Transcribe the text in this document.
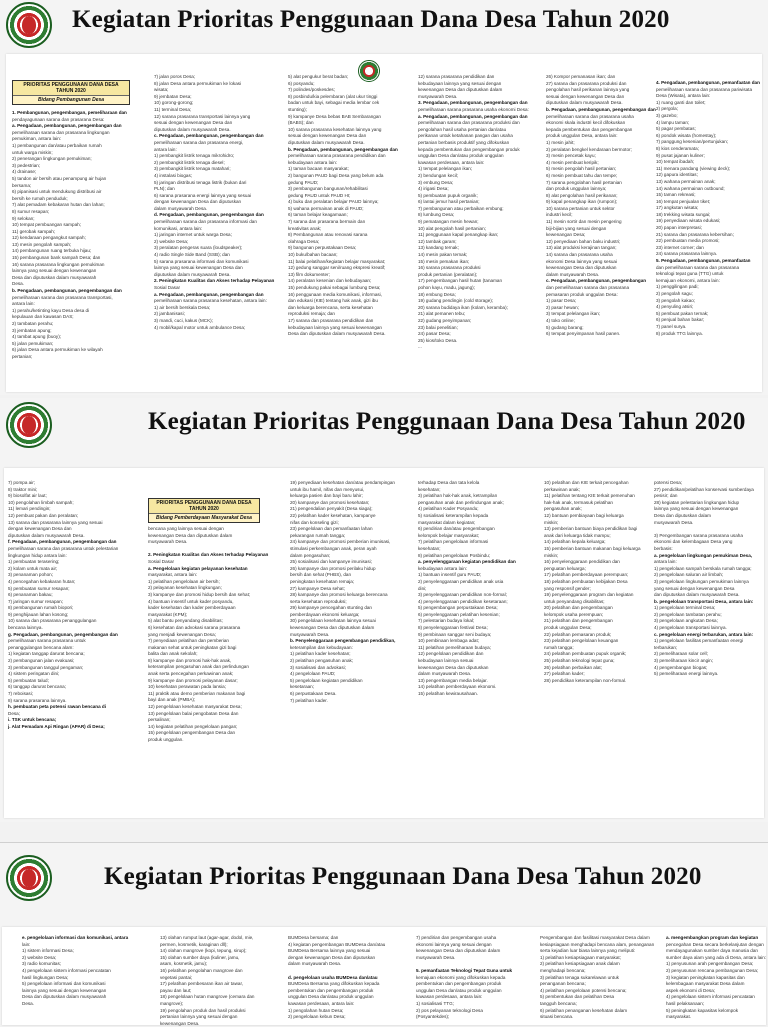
Kegiatan Prioritas Penggunaan Dana Desa Tahun 2020
PRIORITAS PENGGUNAAN DANA DESA TAHUN 2020
Bidang Pembangunan Desa
1. Pembangunan, pengembangan, pemeliharaan dan
pendayagunaan sarana dan prasarana Desa:
a. Pengadaan, pembangunan, pengembangan dan
pemeliharaan sarana dan prasarana lingkungan
pemukiman, antara lain:
1) pembangunan dan/atau perbaikan rumah
untuk warga miskin;
2) penerangan lingkungan pemukiman;
3) pedestrian;
4) drainase;
5) tandon air bersih atau penampung air hujan
bersama;
6) pipanisasi untuk mendukung distribusi air
bersih ke rumah penduduk;
7) alat pemadam kebakaran hutan dan lahan;
8) sumur resapan;
9) selokan;
10) tempat pembuangan sampah;
11) gerobak sampah;
12) kendaraan pengangkut sampah;
13) mesin pengolah sampah;
14) pembangunan ruang terbuka hijau;
15) pembangunan bank sampah Desa; dan
16) sarana prasarana lingkungan pemukiman
lainnya yang sesuai dengan kewenangan
Desa dan diputuskan dalam musyawarah
Desa.
b. Pengadaan, pembangunan, pengembangan dan
pemeliharaan sarana dan prasarana transportasi,
antara lain:
1) perahu/ketinting kayu Desa desa di
kepulauan dan kawasan DAS;
2) tambatan perahu;
3) jembatan apung;
4) tambat apung (buoy);
5) jalan pemukiman;
6) jalan Desa antara permukiman ke wilayah
pertanian;
7) jalan poros Desa;
8) jalan Desa antara permukiman ke lokasi
wisata;
9) jembatan Desa;
10) gorong-gorong;
11) terminal Desa;
12) sarana prasarana transportasi lainnya yang
sesuai dengan kewenangan Desa dan
diputuskan dalam musyawarah Desa.
c. Pengadaan, pembangunan, pengembangan dan
pemeliharaan sarana dan prasarana energi,
antara lain:
1) pembangkit listrik tenaga mikrohidro;
2) pembangkit listrik tenaga diesel;
3) pembangkit listrik tenaga matahari;
4) instalasi biogas;
5) jaringan distribusi tenaga listrik (bukan dari
PLN); dan
6) sarana prasarana energi lainnya yang sesuai
dengan kewenangan Desa dan diputuskan
dalam musyawarah Desa.
d. Pengadaan, pembangunan, pengembangan dan
pemeliharaan sarana dan prasarana informasi dan
komunikasi, antara lain:
1) jaringan internet untuk warga Desa;
2) website Desa;
3) peralatan pengeras suara (loudspeaker);
4) radio Single Side Band (SSB); dan
5) sarana prasarana informasi dan komunikasi
lainnya yang sesuai kewenangan Desa dan
diputuskan dalam musyawarah Desa.
2. Peningkatan Kualitas dan Akses terhadap Pelayanan
Sosial Dasar
a. Pengadaan, pembangunan, pengembangan dan
pemeliharaan sarana prasarana kesehatan, antara lain:
1) air bersih berskala Desa;
2) jambanisasi;
3) mandi, cuci, kakus (MCK);
4) mobil/kapal motor untuk ambulance Desa;
5) alat pengukur berat badan;
6) posyandu;
7) polindes/poskesdes;
8) posbindu/kia pelembaran (alat ukur tinggi
badan untuk bayi, sebagai media lembar cek
stunting);
9) kampanye Desa bebas BAB Sembarangan
(BABS); dan
10) sarana prasarana kesehatan lainnya yang
sesuai dengan kewenangan Desa dan
diputuskan dalam musyawarah Desa.
b. Pengadaan, pembangunan, pengembangan dan
pemeliharaan sarana prasarana pendidikan dan
kebudayaan antara lain:
1) taman bacaan masyarakat;
2) bangunan PAUD bagi Desa yang belum ada
gedung PAUD;
3) pembangunan bangunan/rehabilitasi
gedung PAUD untuk PAUD HI;
4) buku dan peralatan belajar PAUD lainnya;
5) wahana permainan anak di PAUD;
6) taman belajar keagamaan;
7) sarana dan prasarana bermain dan
kreativitas anak;
8) Pembangunan atau renovasi sarana
olahraga Desa;
9) bangunan perpustakaan Desa;
10) buku/bahan bacaan;
11) balai pelatihan/kegiatan belajar masyarakat;
12) gedung sanggar seni/ruang ekspresi kreatif;
13) film dokumenter;
14) peralatan kesenian dan kebudayaan;
15) pendukung pakai sebagai lumbung Desa;
16) penggunaan media komunikasi, informasi,
dan edukasi (KIE) tentang hak anak, gizi ibu
dan keluarga berencana, serta kesehatan
reproduksi remaja; dan
17) sarana dan prasarana pendidikan dan
kebudayaan lainnya yang sesuai kewenangan
Desa dan diputuskan dalam musyawarah Desa.
12) sarana prasarana pendidikan dan
kebudayaan lainnya yang sesuai dengan
kewenangan Desa dan diputuskan dalam
musyawarah Desa.
3. Pengadaan, pembangunan, pengembangan dan
pemeliharaan sarana prasarana usaha ekonomi Desa:
a. Pengadaan, pembangunan, pengembangan dan
pemeliharaan sarana dan prasarana produksi dan
pengolahan hasil usaha pertanian dan/atau
perikanan untuk ketahanan pangan dan usaha
pertanian berbasis produktif yang difokuskan
kepada pembentukan dan pengembangan produk
unggulan Desa dan/atau produk unggulan
kawasan perdesaan, antara lain:
1) tempat pelelangan ikan;
2) bendungan kecil;
3) embung Desa;
4) irigasi Desa;
5) pembuatan pupuk organik;
6) lantai jemur hasil pertanian;
7) pembangunan atau perbaikan embung;
8) lumbung Desa;
9) pematangan mesin hewan;
10) alat pengolah hasil pertanian;
11) penggunaan kapal penangkap ikan;
12) tambak garam;
13) kandang ternak;
14) mesin pakan ternak;
15) mesin pemakan ikan;
16) sarana prasarana produksi
produk pertanian (peralatan);
17) pengembangan hasil hutan (tanaman
pohon kayu, madu, jagung);
18) embung Desa;
19) gudang pendingin (cold storage);
20) sarana budidaya ikan (kolam, keramba);
21) alat pemanen tebu;
22) gudang penyimpanan;
23) balai penelitian;
24) pasar Desa;
25) kios/toko Desa.
...
26) Kompor pemanasan ikan; dan
27) sarana dan prasarana produksi dan
pengolahan hasil perikanan lainnya yang
sesuai dengan kewenangan Desa dan
diputuskan dalam musyawarah Desa.
b. Pengadaan, pembangunan, pengembangan dan
pemeliharaan sarana dan prasarana usaha
ekonomi skala industri kecil difokuskan
kepada pembentukan dan pengembangan
produk unggulan Desa, antara lain:
1) mesin jahit;
2) peralatan bengkel kendaraan bermotor;
3) mesin pencetak kayu;
4) mesin pembuat keripik;
5) mesin pengolah hasil pertanian;
6) mesin pembuat tahu dan tempe;
7) sarana pengolahan hasil pertanian
dan produk unggulan lainnya;
8) alat pengolahan hasil perikanan;
9) kapal penangkap ikan (rumpon);
10) sarana pertanian untuk sektor
industri kecil;
11) mesin sortir dan mesin pengering
biji-bijian yang sesuai dengan
kewenangan Desa;
12) penyediaan bahan baku industri;
13) alat produksi kerajinan tangan;
14) sarana dan prasarana usaha
ekonomi Desa lainnya yang sesuai
kewenangan Desa dan diputuskan
dalam musyawarah Desa.
c. Pengadaan, pembangunan, pengembangan
dan pemeliharaan sarana dan prasarana
pemasaran produk unggulan Desa:
1) pasar Desa;
2) pasar hewan;
3) tempat pelelangan ikan;
4) toko online;
5) gudang barang;
6) tempat penyimpanan hasil panen.
4. Pengadaan, pembangunan, pemanfaatan dan
pemeliharaan sarana dan prasarana pariwisata
Desa (Wisata), antara lain:
1) ruang ganti dan toilet;
2) pergola;
3) gazebo;
4) lampu taman;
5) pagar pembatas;
6) pondok wisata (homestay);
7) panggung kesenian/pertunjukan;
8) kios cenderamata;
9) pusat jajanan kuliner;
10) tempat ibadah;
11) menara pandang (viewing deck);
12) gapura identitas;
13) wahana permainan anak;
14) wahana permainan outbound;
15) taman rekreasi;
16) tempat penjualan tiket;
17) angkutan wisata;
18) trekking wisata sungai;
19) penyediaan wisata edukasi;
20) papan interpretasi;
21) sarana dan prasarana kebersihan;
22) pembuatan media promosi;
23) internet corner; dan
24) sarana prasarana lainnya.
5. Pengadaan, pembangunan, pemanfaatan
dan pemeliharaan sarana dan prasarana
teknologi tepat guna (TTG) untuk
kemajuan ekonomi, antara lain:
1) penggilingan padi;
2) pengolah sagu;
3) pengolah kakao;
4) penyuling atsiri;
5) pembuat pakan ternak;
6) penjual bahan bakar;
7) panel surya.
8) produk TTG lainnya.
Kegiatan Prioritas Penggunaan Dana Desa Tahun 2020
PRIORITAS PENGGUNAAN DANA DESA TAHUN 2020
Bidang Pemberdayaan Masyarakat Desa
7) pompa air;
8) traktor mini;
9) biosolfat air laut;
10) pengolahan limbah sampah;
11) lemari pendingin;
12) pembuat pakan dan peralatan;
13) sarana dan prasarana lainnya yang sesuai
dengan kewenangan Desa dan
diputuskan dalam musyawarah Desa.
f. Pengadaan, pembangunan, pengembangan dan
pemeliharaan sarana dan prasarana untuk pelestarian
lingkungan hidup antara lain:
1) pembuatan terasering;
2) kolam untuk mata air;
3) penanaman pohon;
4) pencegahan kebakaran hutan;
5) pembuatan sumur resapan;
6) penanaman bakau;
7) jaringan sumur resapan;
8) pembangunan rumah biopori;
9) penghijauan lahan kosong;
10) sarana dan prasarana penanggulangan
bencana lainnya.
g. Pengadaan, pembangunan, pengembangan dan
pemeliharaan sarana prasarana untuk
penanggulangan bencana alam:
1) kegiatan tanggap darurat bencana;
2) pembangunan jalan evakuasi;
3) pembangunan tanggul pengaman;
4) sistem peringatan dini;
5) pembuatan talud;
6) tanggap darurat bencana;
7) reboisasi;
8) sarana prasarana lainnya.
h. pembuatan peta potensi rawan bencana di
Desa;
i. TSK untuk bencana;
j. Alat Pemadam Api Ringan (APAR) di Desa;
bencana yang lainnya sesuai dengan
kewenangan Desa dan diputuskan dalam
musyawarah Desa.
2. Peningkatan Kualitas dan Akses terhadap Pelayanan
Sosial Dasar
a. Pengelolaan kegiatan pelayanan kesehatan
masyarakat, antara lain:
1) pelatihan pengelolaan air bersih;
2) pelayanan kesehatan lingkungan;
3) kampanye dan promosi hidup bersih dan sehat;
4) bantuan insentif untuk kader posyandu,
kader kesehatan dan kader pemberdayaan
masyarakat (KPM);
5) alat bantu penyandang disabilitas;
6) kesehatan dan advokasi sarana prasarana
yang menjadi kewenangan Desa;
7) penyediaan pelatihan dan pemberian
makanan sehat untuk peningkatan gizi bagi
balita dan anak sekolah;
8) kampanye dan promosi hak-hak anak,
keterampilan pengasuhan anak dan perlindungan
anak serta pencegahan perkawinan anak;
9) kampanye dan promosi pelayanan dasar;
10) kesehatan perawatan pada lansia;
11) praktik atau demo pemberian makanan bagi
bayi dan anak (PMBA);
12) pengelolaan kesehatan masyarakat Desa;
13) pengelolaan balai pengobatan Desa dan
persalinan;
14) kegiatan pelatihan pengelolaan pangan;
15) pengelolaan pengembangan Desa dan
produk unggulan.
19) penyediaan kesehatan dan/atau pendampingan
untuk ibu hamil, nifas dan menyusui,
keluarga pasien dan bayi baru lahir;
20) kampanye dan promosi kesehatan;
21) pengendalian penyakit (Desa siaga);
22) pelatihan kader kesehatan, kampanye
nifas dan konseling gizi;
23) pengelolaan dan pemanfaatan lahan
pekarangan rumah tangga;
24) kampanye dan promosi pemberian imunisasi,
stimulasi perkembangan anak, peran ayah
dalam pengasuhan;
25) sosialisasi dan kampanye imunisasi;
26) kampanye dan promosi perilaku hidup
bersih dan sehat (PHBS), dan
peningkatan kesehatan remaja;
27) kampanye Desa sehat;
28) kampanye dan promosi keluarga berencana
serta kesehatan reproduksi;
29) kampanye pencegahan stunting dan
pemberdayaan ekonomi keluarga;
30) pengelolaan kesehatan lainnya sesuai
kewenangan Desa dan diputuskan dalam
musyawarah Desa.
b. Penyelenggaraan pengembangan pendidikan,
keterampilan dan kebudayaan:
1) pelatihan kader kesehatan;
2) pelatihan pengasuhan anak;
3) sosialisasi dan advokasi;
4) pengelolaan PAUD;
5) pengelolaan kegiatan pendidikan
kesetaraan;
6) perpustakaan Desa.
7) pelatihan kader.
terhadap Desa dan tata kelola
kesehatan;
3) pelatihan hak-hak anak, ketrampilan
pengasuhan anak dan perlindungan anak;
4) pelatihan Kader Posyandu;
5) sosialisasi keterampilan kepada
masyarakat dalam kegiatan;
6) pendirian dan/atau pengembangan
kelompok belajar masyarakat;
7) pelatihan pengelolaan informasi
kesehatan;
8) pelatihan pengelolaan Posbindu;
a. penyelenggaraan kegiatan pendidikan dan
kebudayaan antara lain:
1) bantuan insentif guru PAUD;
2) penyelenggaraan pendidikan anak usia
dini;
3) penyelenggaraan pendidikan non-formal;
4) penyelenggaraan pendidikan kesetaraan;
5) pengembangan perpustakaan Desa;
6) penyelenggaraan pelatihan kesenian;
7) pelestarian budaya lokal;
8) penyelenggaraan festival Desa;
9) pembinaan sanggar seni budaya;
10) pembinaan lembaga adat;
11) pelatihan pemeliharaan budaya;
12) pengelolaan pendidikan dan
kebudayaan lainnya sesuai
kewenangan Desa dan diputuskan
dalam musyawarah Desa.
13) pengembangan media belajar.
14) pelatihan pemberdayaan ekonomi.
15) pelatihan kewirausahaan.
10) pelatihan dan KIE terkait pencegahan
perkawinan anak;
11) pelatihan tentang KIE terkait pemenuhan
hak-hak anak, termasuk pelatihan
pengasuhan anak;
12) bantuan pembiayaan bagi keluarga
miskin;
13) pemberian bantuan biaya pendidikan bagi
anak dari keluarga tidak mampu;
14) pelatihan kepala keluarga;
15) pemberian bantuan makanan bagi keluarga
miskin;
16) penyelenggaraan pendidikan dan
penguatan keluarga;
17) pelatihan pemberdayaan perempuan;
18) pelatihan pembuatan kebijakan Desa
yang responsif gender;
19) penyelenggaraan program dan kegiatan
untuk penyandang disabilitas;
20) pelatihan dan pengembangan
kelompok usaha perempuan;
21) pelatihan dan pengembangan
produk unggulan Desa;
22) pelatihan pemasaran produk;
23) pelatihan pengelolaan keuangan
rumah tangga;
24) pelatihan pembuatan pupuk organik;
25) pelatihan teknologi tepat guna;
26) pelatihan perbaikan alat;
27) pelatihan kader;
28) pendidikan keterampilan non-formal.
potensi Desa;
27) pendidikan/pelatihan konservasi sumberdaya
pesisir; dan
28) kegiatan pelestarian lingkungan hidup
lainnya yang sesuai dengan kewenangan
Desa dan diputuskan dalam
musyawarah Desa.
3) Pengembangan sarana prasarana usaha
ekonomi dan kelembagaan Desa yang
berbasis:
a. pengelolaan lingkungan pemukiman Desa,
antara lain:
1) pengelolaan sampah berskala rumah tangga;
2) pengelolaan saluran air limbah;
3) pengelolaan lingkungan pemukiman lainnya
yang sesuai dengan kewenangan Desa
dan diputuskan dalam musyawarah Desa.
b. pengelolaan transportasi Desa, antara lain:
1) pengelolaan terminal Desa;
2) pengelolaan tambatan perahu;
3) pengelolaan angkutan Desa;
4) pengelolaan transportasi lainnya.
c. pengelolaan energi terbarukan, antara lain:
1) pengelolaan fasilitas pemanfaatan energi
terbarukan;
2) pemeliharaan solar cell;
3) pemeliharaan kincir angin;
4) pengembangan biogas;
5) pemeliharaan energi lainnya.
Kegiatan Prioritas Penggunaan Dana Desa Tahun 2020
e. pengelolaan informasi dan komunikasi, antara
lain:
1) sistem informasi Desa;
2) website Desa;
3) radio komunitas;
4) pengelolaan sistem informasi pencatatan
hasil lingkungan Desa;
5) pengelolaan informasi dan komunikasi
lainnya yang sesuai dengan kewenangan
Desa dan diputuskan dalam musyawarah
Desa.
13) olahan rumput laut (agar-agar, dodol, mie,
permen, kosmetik, karaginan dll);
14) olahan mangrove (kopi, tepung, sirup);
15) olahan sumber daya (kuliner, jamu,
asam, kosmetik, jamu);
16) pelatihan pengolahan mangrove dan
vegetasi pantai;
17) pelatihan pembesaran ikan air tawar,
payau dan laut;
18) pengelolaan hutan mangrove (cemara dan
mangrove);
19) pengolahan produk dan hasil produksi
pertanian lainnya yang sesuai dengan
kewenangan Desa.
BUMDesa bersama; dan
4) kegiatan pengembangan BUMDesa dan/atau
BUMDesa Bersama lainnya yang sesuai
dengan kewenangan Desa dan diputuskan
dalam musyawarah Desa.
d. pengelolaan usaha BUMDesa dan/atau
BUMDesa Bersama yang difokuskan kepada
pembentukan dan pengembangan produk
unggulan Desa dan/atau produk unggulan
kawasan perdesaan, antara lain:
1) pengolahan hutan Desa;
2) pengelolaan kebun Desa;
7) pendirian dan pengembangan usaha
ekonomi lainnya yang sesuai dengan
kewenangan Desa dan diputuskan dalam
musyawarah Desa.
5. pemanfaatan Teknologi Tepat Guna untuk
kemajuan ekonomi yang difokuskan kepada
pembentukan dan pengembangan produk
unggulan Desa dan/atau produk unggulan
kawasan perdesaan, antara lain:
1) sosialisasi TTG;
2) pos pelayanan teknologi Desa
(Posyantekdes);
Pengembangan dan fasilitasi masyarakat Desa dalam
kesiapsiagaan menghadapi bencana alam, penanganan
serta kejadian luar biasa lainnya yang meliputi:
1) pelatihan kesiapsiagaan masyarakat;
2) pelatihan kesiapsiagaan anak dalam
menghadapi bencana;
3) pelatihan tenaga sukarelawan untuk
penanganan bencana;
4) pelatihan pengelolaan potensi bencana;
5) pembentukan dan pelatihan Desa
tangguh bencana;
6) pelatihan penanganan kesehatan dalam
situasi bencana.
a. mengembangkan program dan kegiatan
pencegahan Desa secara berkelanjutan dengan
mendayagunakan sumber daya manusia dan
sumber daya alam yang ada di Desa, antara lain:
1) penyusunan arah pengembangan Desa;
2) penyusunan rencana pembangunan Desa;
3) kegiatan peningkatan kapasitas dan
kelembagaan masyarakat Desa dalam
aspek ekonomi di Desa;
4) pengelolaan sistem informasi pencatatan
hasil pelaksanaan;
5) peningkatan kapasitas kelompok
masyarakat.
